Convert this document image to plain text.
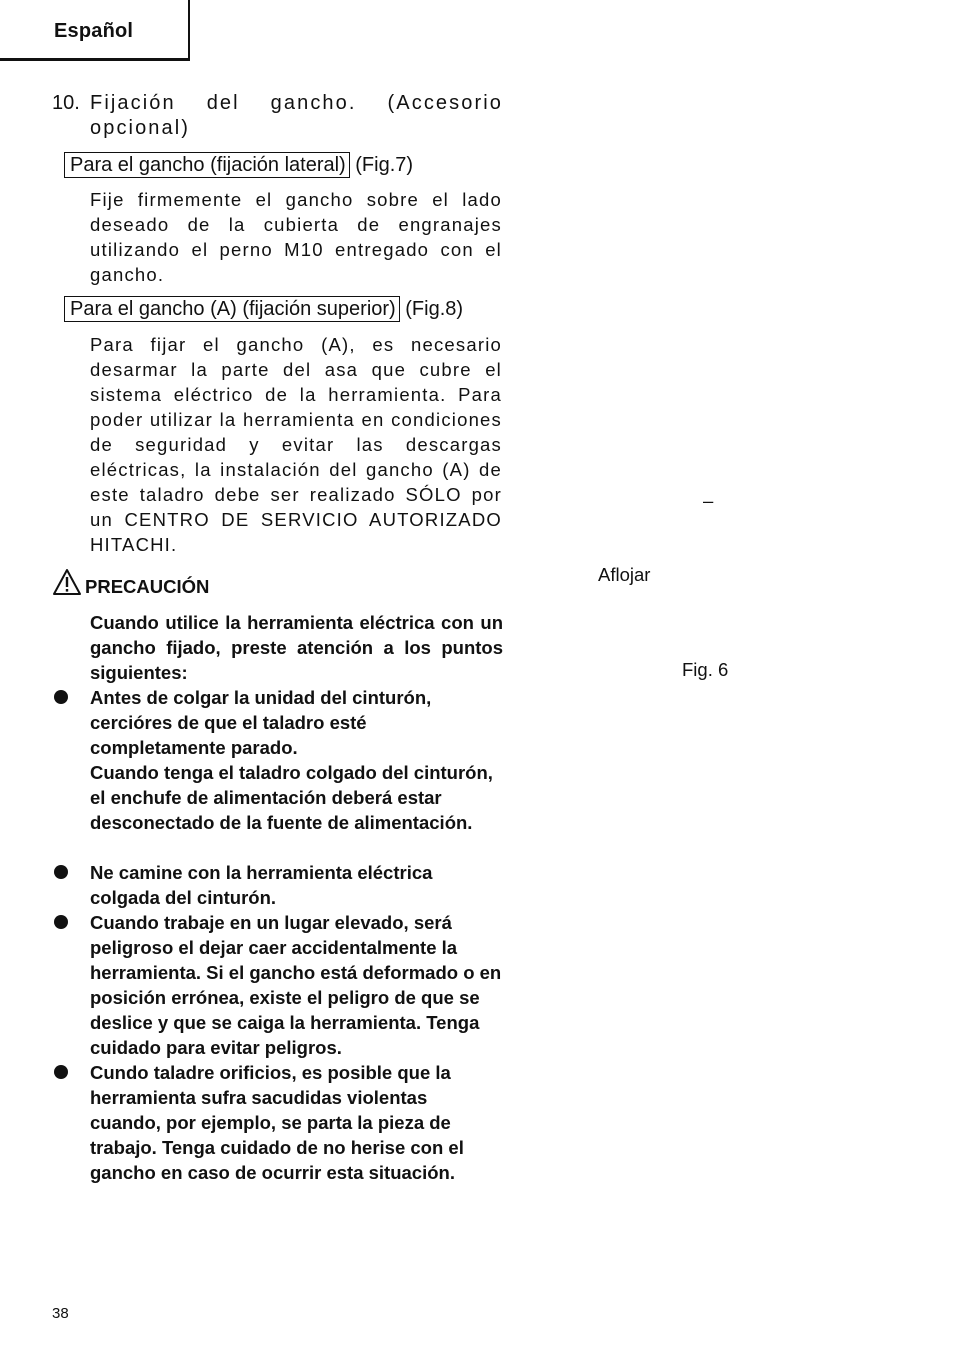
Español
10. Fijación del gancho. (Accesorio opcional)
Para el gancho (fijación lateral) (Fig.7)
Fije firmemente el gancho sobre el lado deseado de la cubierta de engranajes utilizando el perno M10 entregado con el gancho.
Para el gancho (A) (fijación superior) (Fig.8)
Para fijar el gancho (A), es necesario desarmar la parte del asa que cubre el sistema eléctrico de la herramienta. Para poder utilizar la herramienta en condiciones de seguridad y evitar las descargas eléctricas, la instalación del gancho (A) de este taladro debe ser realizado SÓLO por un CENTRO DE SERVICIO AUTORIZADO HITACHI.
PRECAUCIÓN
Cuando utilice la herramienta eléctrica con un gancho fijado, preste atención a los puntos siguientes:
Antes de colgar la unidad del cinturón, cercióres de que el taladro esté completamente parado.
Cuando tenga el taladro colgado del cinturón, el enchufe de alimentación deberá estar desconectado de la fuente de alimentación.
Ne camine con la herramienta eléctrica colgada del cinturón.
Cuando trabaje en un lugar elevado, será peligroso el dejar caer accidentalmente la herramienta. Si el gancho está deformado o en posición errónea, existe el peligro de que se deslice y que se caiga la herramienta. Tenga cuidado para evitar peligros.
Cundo taladre orificios, es posible que la herramienta sufra sacudidas violentas cuando, por ejemplo, se parta la pieza de trabajo. Tenga cuidado de no herise con el gancho en caso de ocurrir esta situación.
–
Aflojar
Fig. 6
38
